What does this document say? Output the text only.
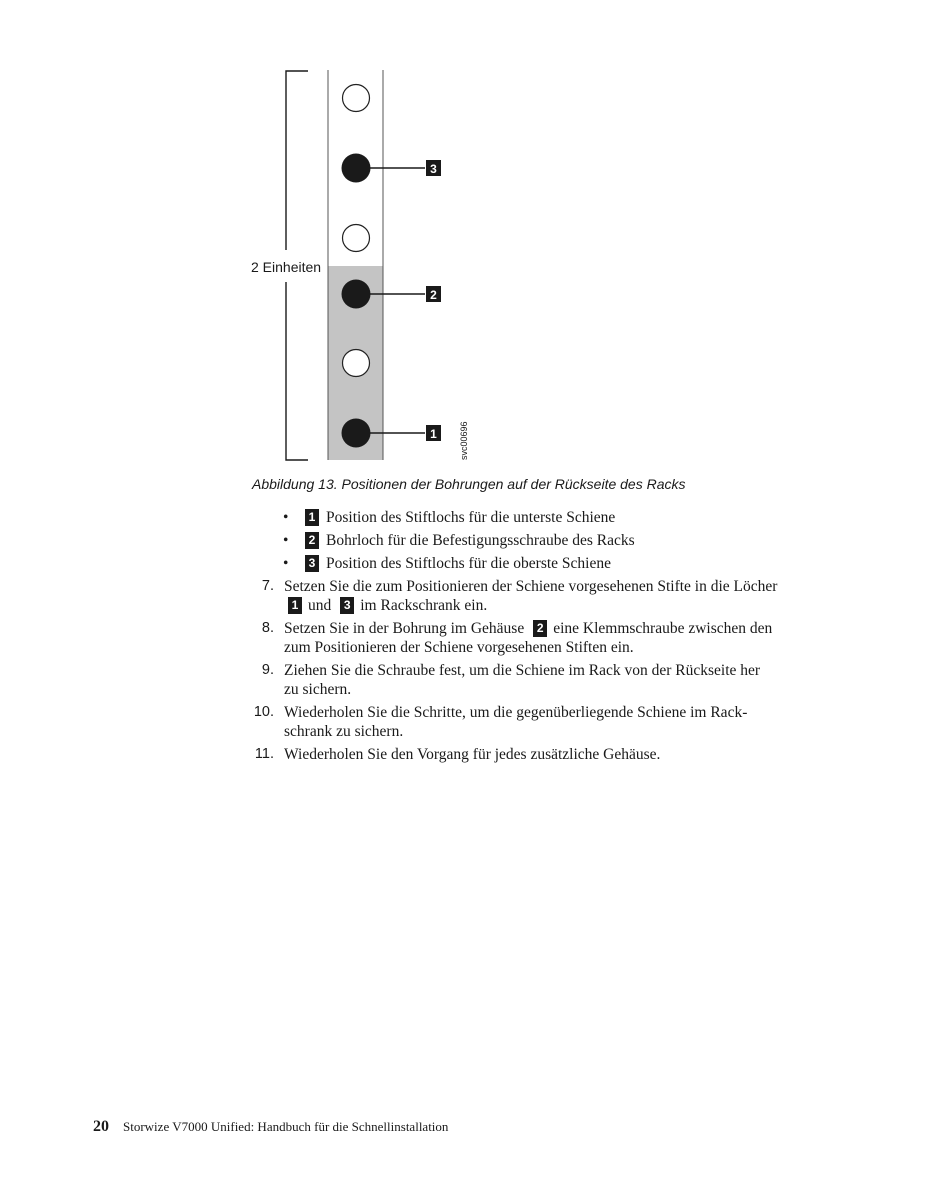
3
2
1
2 Einheiten
svc00696
Abbildung 13. Positionen der Bohrungen auf der Rückseite des Racks
• 1 Position des Stiftlochs für die unterste Schiene
• 2 Bohrloch für die Befestigungsschraube des Racks
• 3 Position des Stiftlochs für die oberste Schiene
7. Setzen Sie die zum Positionieren der Schiene vorgesehenen Stifte in die Löcher
1 und 3 im Rackschrank ein.
8. Setzen Sie in der Bohrung im Gehäuse 2 eine Klemmschraube zwischen den
zum Positionieren der Schiene vorgesehenen Stiften ein.
9. Ziehen Sie die Schraube fest, um die Schiene im Rack von der Rückseite her
zu sichern.
10. Wiederholen Sie die Schritte, um die gegenüberliegende Schiene im Rack-
schrank zu sichern.
11. Wiederholen Sie den Vorgang für jedes zusätzliche Gehäuse.
20 Storwize V7000 Unified: Handbuch für die Schnellinstallation
